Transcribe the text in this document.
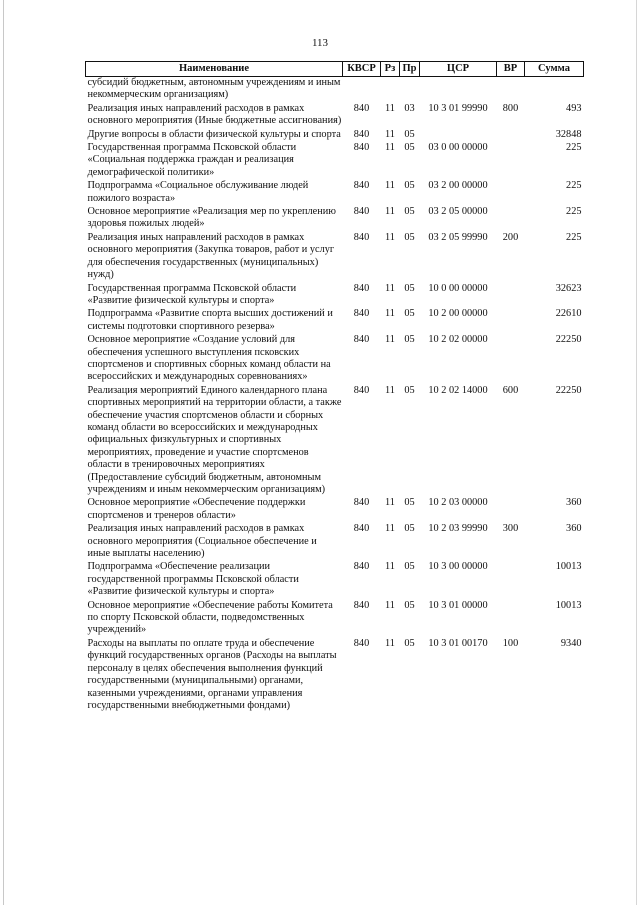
113
Наименование	КВСР	Рз	Пр	ЦСР	ВР	Сумма
субсидий бюджетным, автономным учреждениям и иным некоммерческим организациям)						
Реализация иных направлений расходов в рамках основного мероприятия (Иные бюджетные ассигнования)	840	11	03	10 3 01 99990	800	493
Другие вопросы в области физической культуры и спорта	840	11	05			32848
Государственная программа Псковской области «Социальная поддержка граждан и реализация демографической политики»	840	11	05	03 0 00 00000		225
Подпрограмма «Социальное обслуживание людей пожилого возраста»	840	11	05	03 2 00 00000		225
Основное мероприятие «Реализация мер по укреплению здоровья пожилых людей»	840	11	05	03 2 05 00000		225
Реализация иных направлений расходов в рамках основного мероприятия (Закупка товаров, работ и услуг для обеспечения государственных (муниципальных) нужд)	840	11	05	03 2 05 99990	200	225
Государственная программа Псковской области «Развитие физической культуры и спорта»	840	11	05	10 0 00 00000		32623
Подпрограмма «Развитие спорта высших достижений и системы подготовки спортивного резерва»	840	11	05	10 2 00 00000		22610
Основное мероприятие «Создание условий для обеспечения успешного выступления псковских спортсменов и спортивных сборных команд области на всероссийских и международных соревнованиях»	840	11	05	10 2 02 00000		22250
Реализация мероприятий Единого календарного плана спортивных мероприятий на территории области, а также обеспечение участия спортсменов области и сборных команд области во всероссийских и международных официальных физкультурных и спортивных мероприятиях, проведение и участие спортсменов области в тренировочных мероприятиях (Предоставление субсидий бюджетным, автономным учреждениям и иным некоммерческим организациям)	840	11	05	10 2 02 14000	600	22250
Основное мероприятие «Обеспечение поддержки спортсменов и тренеров области»	840	11	05	10 2 03 00000		360
Реализация иных направлений расходов в рамках основного мероприятия (Социальное обеспечение и иные выплаты населению)	840	11	05	10 2 03 99990	300	360
Подпрограмма «Обеспечение реализации государственной программы Псковской области «Развитие физической культуры и спорта»	840	11	05	10 3 00 00000		10013
Основное мероприятие «Обеспечение работы Комитета по спорту Псковской области, подведомственных учреждений»	840	11	05	10 3 01 00000		10013
Расходы на выплаты по оплате труда и обеспечение функций государственных органов (Расходы на выплаты персоналу в целях обеспечения выполнения функций государственными (муниципальными) органами, казенными учреждениями, органами управления государственными внебюджетными фондами)	840	11	05	10 3 01 00170	100	9340
